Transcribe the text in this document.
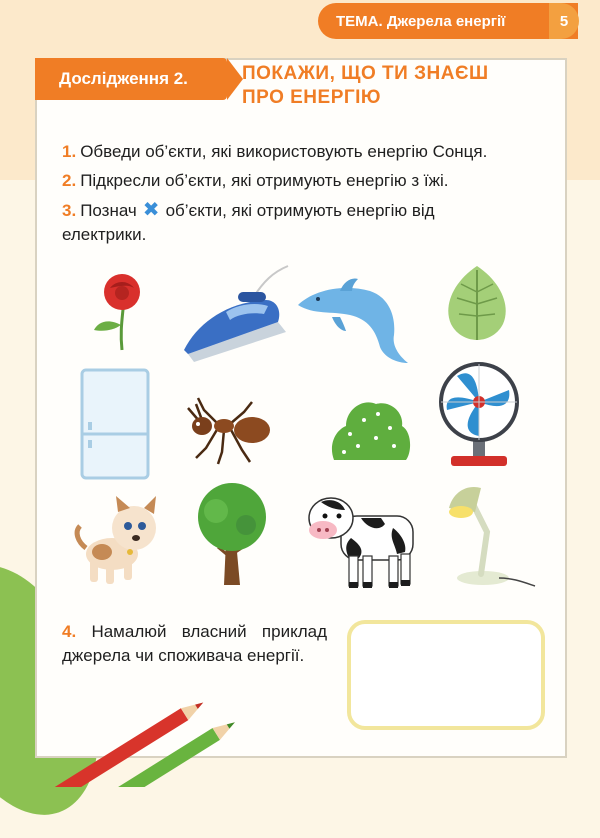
ТЕМА. Джерела енергії	5
Дослідження 2.	ПОКАЖИ, ЩО ТИ ЗНАЄШ
ПРО ЕНЕРГІЮ
1. Обведи об’єкти, які використовують енергію Сонця.
2. Підкресли об’єкти, які отримують енергію з їжі.
3. Познач ✖ об’єкти, які отримують енергію від
електрики.
4. Намалюй власний приклад джерела чи споживача енергії.
